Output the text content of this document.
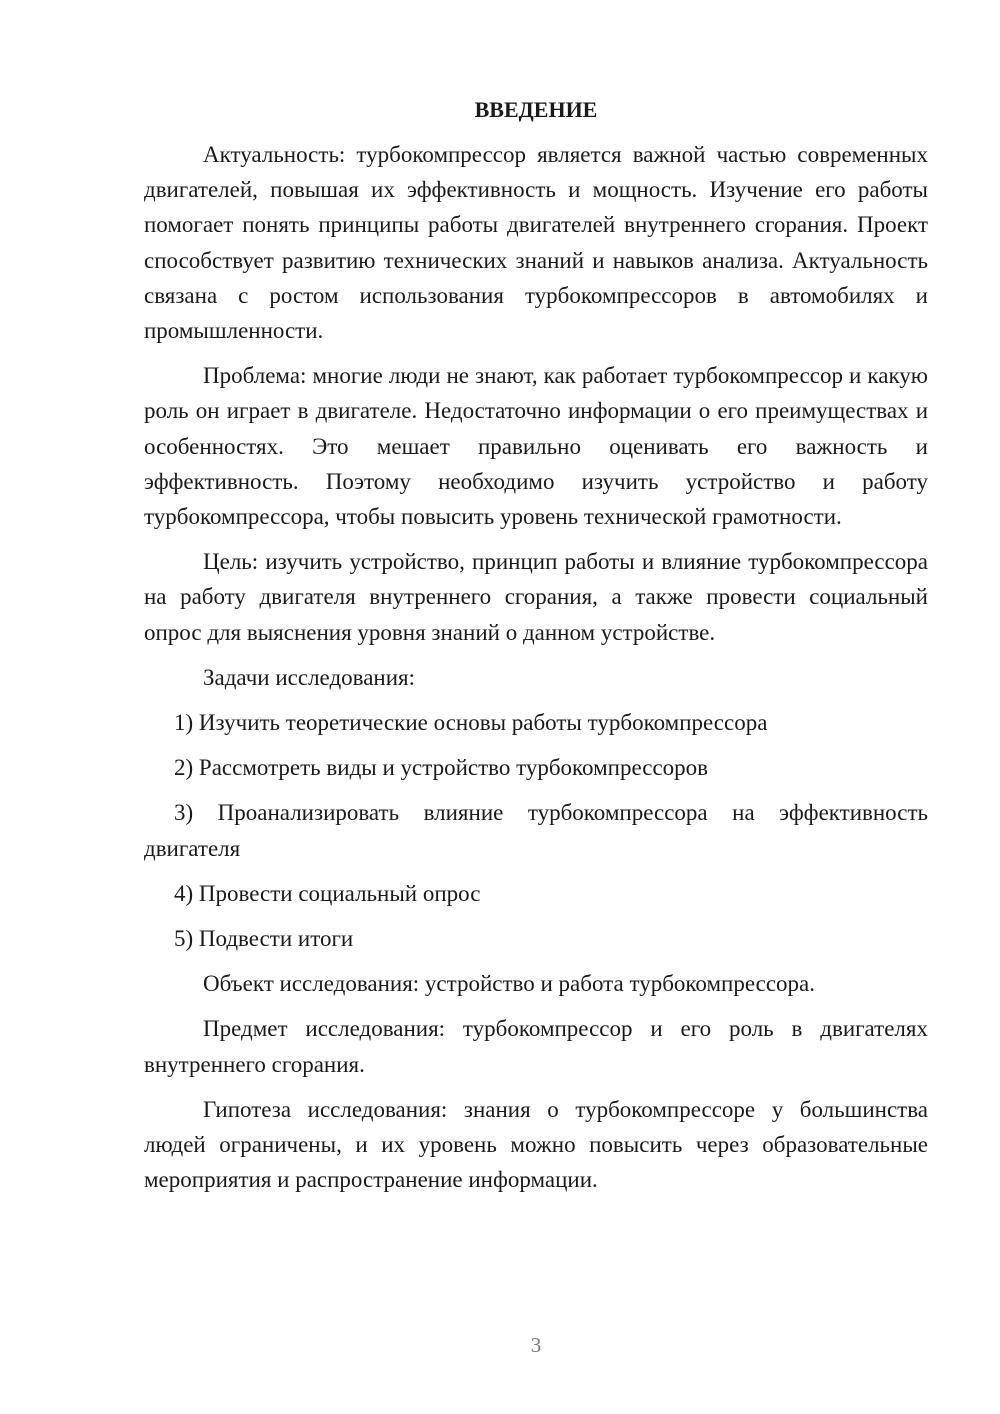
ВВЕДЕНИЕ

Актуальность: турбокомпрессор является важной частью современных двигателей, повышая их эффективность и мощность. Изучение его работы помогает понять принципы работы двигателей внутреннего сгорания. Проект способствует развитию технических знаний и навыков анализа. Актуальность связана с ростом использования турбокомпрессоров в автомобилях и промышленности.

Проблема: многие люди не знают, как работает турбокомпрессор и какую роль он играет в двигателе. Недостаточно информации о его преимуществах и особенностях. Это мешает правильно оценивать его важность и эффективность. Поэтому необходимо изучить устройство и работу турбокомпрессора, чтобы повысить уровень технической грамотности.

Цель: изучить устройство, принцип работы и влияние турбокомпрессора на работу двигателя внутреннего сгорания, а также провести социальный опрос для выяснения уровня знаний о данном устройстве.

Задачи исследования:

1) Изучить теоретические основы работы турбокомпрессора

2) Рассмотреть виды и устройство турбокомпрессоров

3) Проанализировать влияние турбокомпрессора на эффективность двигателя

4) Провести социальный опрос

5) Подвести итоги

Объект исследования: устройство и работа турбокомпрессора.

Предмет исследования: турбокомпрессор и его роль в двигателях внутреннего сгорания.

Гипотеза исследования: знания о турбокомпрессоре у большинства людей ограничены, и их уровень можно повысить через образовательные мероприятия и распространение информации.

3
